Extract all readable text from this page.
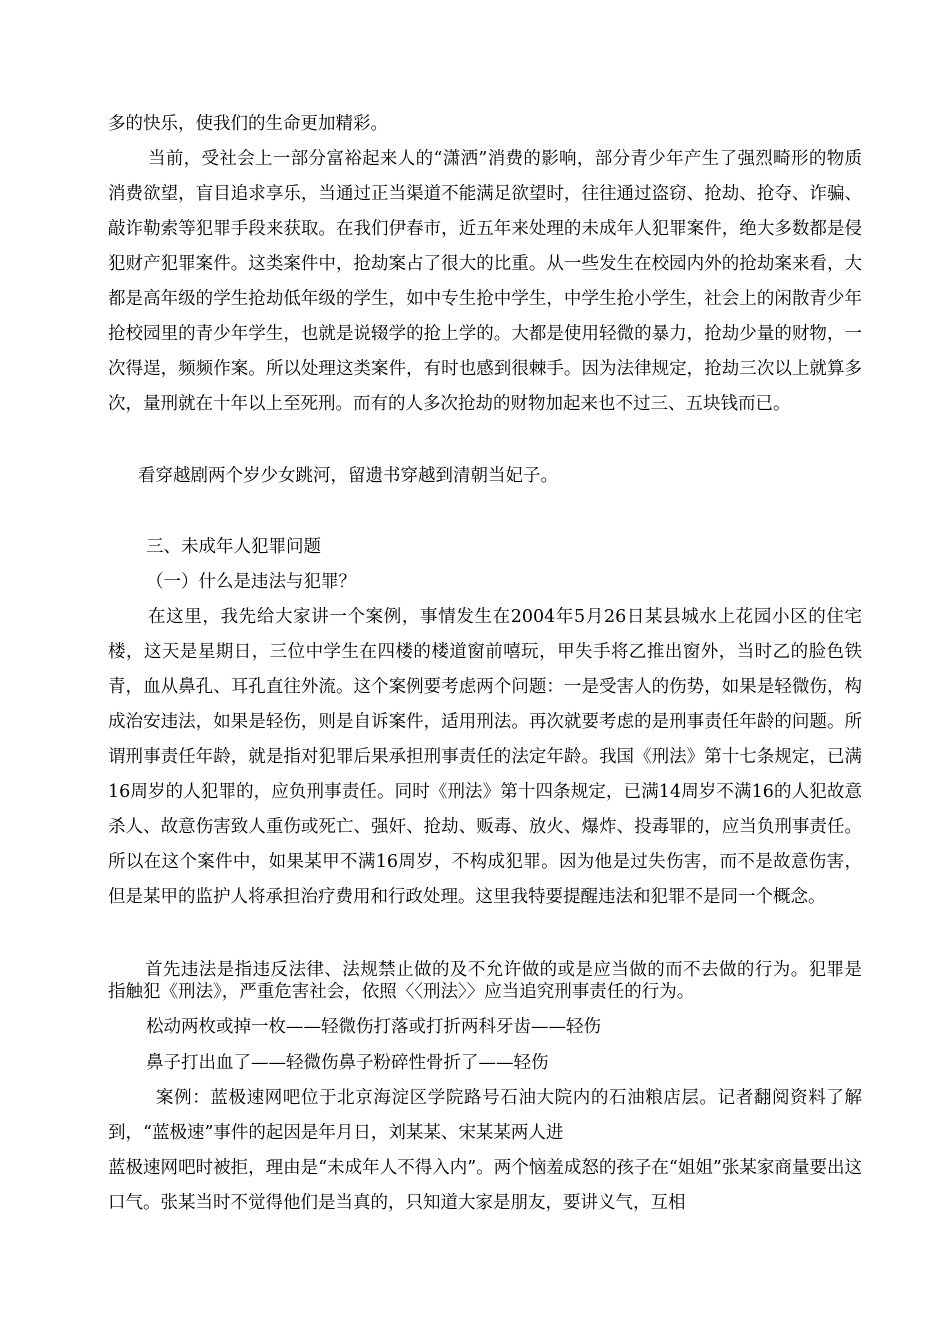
多的快乐，使我们的生命更加精彩。

当前，受社会上一部分富裕起来人的“潇洒”消费的影响，部分青少年产生了强烈畸形的物质消费欲望，盲目追求享乐，当通过正当渠道不能满足欲望时，往往通过盗窃、抢劫、抢夺、诈骗、敲诈勒索等犯罪手段来获取。在我们伊春市，近五年来处理的未成年人犯罪案件，绝大多数都是侵犯财产犯罪案件。这类案件中，抢劫案占了很大的比重。从一些发生在校园内外的抢劫案来看，大都是高年级的学生抢劫低年级的学生，如中专生抢中学生，中学生抢小学生，社会上的闲散青少年抢校园里的青少年学生，也就是说辍学的抢上学的。大都是使用轻微的暴力，抢劫少量的财物，一次得逞，频频作案。所以处理这类案件，有时也感到很棘手。因为法律规定，抢劫三次以上就算多次，量刑就在十年以上至死刑。而有的人多次抢劫的财物加起来也不过三、五块钱而已。

看穿越剧两个岁少女跳河，留遗书穿越到清朝当妃子。

三、未成年人犯罪问题

（一）什么是违法与犯罪？

在这里，我先给大家讲一个案例，事情发生在2004年5月26日某县城水上花园小区的住宅楼，这天是星期日，三位中学生在四楼的楼道窗前嘻玩，甲失手将乙推出窗外，当时乙的脸色铁青，血从鼻孔、耳孔直往外流。这个案例要考虑两个问题：一是受害人的伤势，如果是轻微伤，构成治安违法，如果是轻伤，则是自诉案件，适用刑法。再次就要考虑的是刑事责任年龄的问题。所谓刑事责任年龄，就是指对犯罪后果承担刑事责任的法定年龄。我国《刑法》第十七条规定，已满16周岁的人犯罪的，应负刑事责任。同时《刑法》第十四条规定，已满14周岁不满16的人犯故意杀人、故意伤害致人重伤或死亡、强奸、抢劫、贩毒、放火、爆炸、投毒罪的，应当负刑事责任。所以在这个案件中，如果某甲不满16周岁，不构成犯罪。因为他是过失伤害，而不是故意伤害，但是某甲的监护人将承担治疗费用和行政处理。这里我特要提醒违法和犯罪不是同一个概念。

首先违法是指违反法律、法规禁止做的及不允许做的或是应当做的而不去做的行为。犯罪是指触犯《刑法》，严重危害社会，依照〈〈刑法〉〉应当追究刑事责任的行为。

松动两枚或掉一枚——轻微伤打落或打折两科牙齿——轻伤

鼻子打出血了——轻微伤鼻子粉碎性骨折了——轻伤

案例：蓝极速网吧位于北京海淀区学院路号石油大院内的石油粮店层。记者翻阅资料了解到，“蓝极速”事件的起因是年月日，刘某某、宋某某两人进

蓝极速网吧时被拒，理由是“未成年人不得入内”。两个恼羞成怒的孩子在“姐姐”张某家商量要出这口气。张某当时不觉得他们是当真的，只知道大家是朋友，要讲义气，互相
